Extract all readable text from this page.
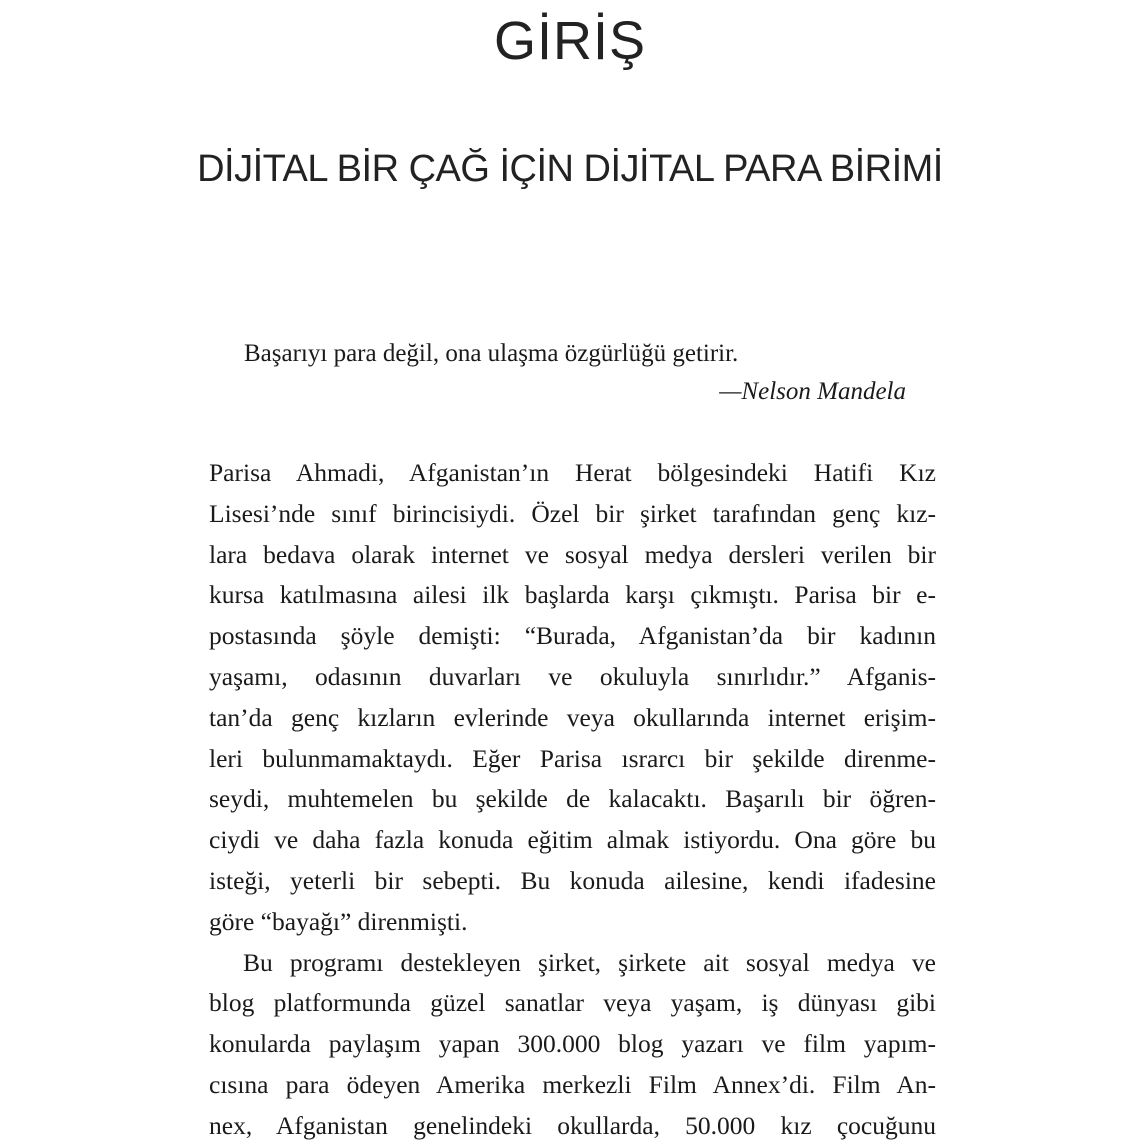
GİRİŞ
DİJİTAL BİR ÇAĞ İÇİN DİJİTAL PARA BİRİMİ
Başarıyı para değil, ona ulaşma özgürlüğü getirir.
—Nelson Mandela
Parisa Ahmadi, Afganistan’ın Herat bölgesindeki Hatifi Kız
Lisesi’nde sınıf birincisiydi. Özel bir şirket tarafından genç kız-
lara bedava olarak internet ve sosyal medya dersleri verilen bir
kursa katılmasına ailesi ilk başlarda karşı çıkmıştı. Parisa bir e-
postasında şöyle demişti: “Burada, Afganistan’da bir kadının
yaşamı, odasının duvarları ve okuluyla sınırlıdır.” Afganis-
tan’da genç kızların evlerinde veya okullarında internet erişim-
leri bulunmamaktaydı. Eğer Parisa ısrarcı bir şekilde direnme-
seydi, muhtemelen bu şekilde de kalacaktı. Başarılı bir öğren-
ciydi ve daha fazla konuda eğitim almak istiyordu. Ona göre bu
isteği, yeterli bir sebepti. Bu konuda ailesine, kendi ifadesine
göre “bayağı” direnmişti.
Bu programı destekleyen şirket, şirkete ait sosyal medya ve
blog platformunda güzel sanatlar veya yaşam, iş dünyası gibi
konularda paylaşım yapan 300.000 blog yazarı ve film yapım-
cısına para ödeyen Amerika merkezli Film Annex’di. Film An-
nex, Afganistan genelindeki okullarda, 50.000 kız çocuğunu
